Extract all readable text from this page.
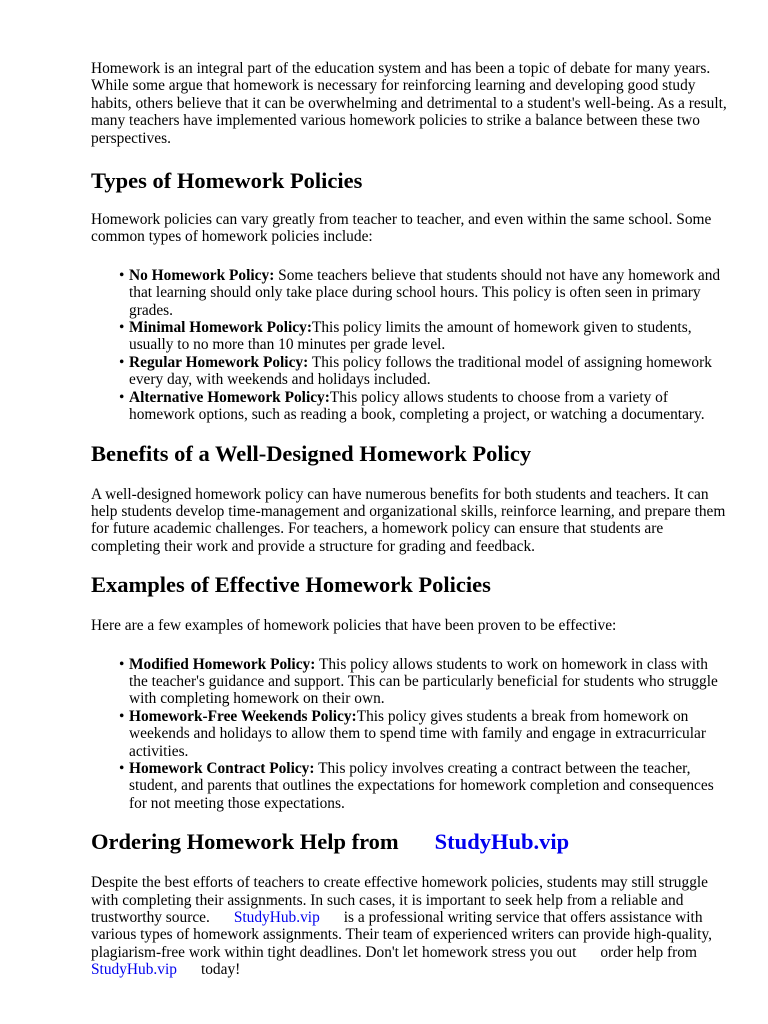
Homework is an integral part of the education system and has been a topic of debate for many years. While some argue that homework is necessary for reinforcing learning and developing good study habits, others believe that it can be overwhelming and detrimental to a student's well-being. As a result, many teachers have implemented various homework policies to strike a balance between these two perspectives.

Types of Homework Policies

Homework policies can vary greatly from teacher to teacher, and even within the same school. Some common types of homework policies include:

• No Homework Policy: Some teachers believe that students should not have any homework and that learning should only take place during school hours. This policy is often seen in primary grades.
• Minimal Homework Policy:This policy limits the amount of homework given to students, usually to no more than 10 minutes per grade level.
• Regular Homework Policy: This policy follows the traditional model of assigning homework every day, with weekends and holidays included.
• Alternative Homework Policy:This policy allows students to choose from a variety of homework options, such as reading a book, completing a project, or watching a documentary.
Benefits of a Well-Designed Homework Policy

A well-designed homework policy can have numerous benefits for both students and teachers. It can help students develop time-management and organizational skills, reinforce learning, and prepare them for future academic challenges. For teachers, a homework policy can ensure that students are completing their work and provide a structure for grading and feedback.

Examples of Effective Homework Policies

Here are a few examples of homework policies that have been proven to be effective:

• Modified Homework Policy: This policy allows students to work on homework in class with the teacher's guidance and support. This can be particularly beneficial for students who struggle with completing homework on their own.
• Homework-Free Weekends Policy:This policy gives students a break from homework on weekends and holidays to allow them to spend time with family and engage in extracurricular activities.
• Homework Contract Policy: This policy involves creating a contract between the teacher, student, and parents that outlines the expectations for homework completion and consequences for not meeting those expectations.
Ordering Homework Help from StudyHub.vip

Despite the best efforts of teachers to create effective homework policies, students may still struggle with completing their assignments. In such cases, it is important to seek help from a reliable and trustworthy source. StudyHub.vip is a professional writing service that offers assistance with various types of homework assignments. Their team of experienced writers can provide high-quality, plagiarism-free work within tight deadlines. Don't let homework stress you out order help from StudyHub.vip today!
